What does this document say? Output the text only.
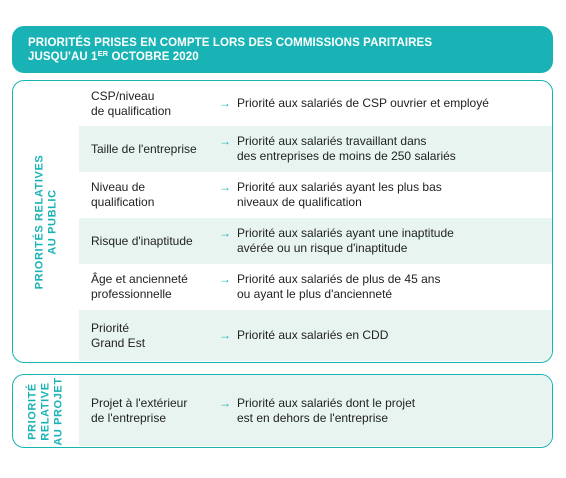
PRIORITÉS PRISES EN COMPTE LORS DES COMMISSIONS PARITAIRES
JUSQU'AU 1ER OCTOBRE 2020
PRIORITÉS RELATIVES AU PUBLIC
CSP/niveau
de qualification
→ Priorité aux salariés de CSP ouvrier et employé
Taille de l'entreprise
→ Priorité aux salariés travaillant dans
des entreprises de moins de 250 salariés
Niveau de
qualification
→ Priorité aux salariés ayant les plus bas
niveaux de qualification
Risque d'inaptitude
→ Priorité aux salariés ayant une inaptitude
avérée ou un risque d'inaptitude
Âge et ancienneté
professionnelle
→ Priorité aux salariés de plus de 45 ans
ou ayant le plus d'ancienneté
Priorité
Grand Est
→ Priorité aux salariés en CDD
PRIORITÉ RELATIVE AU PROJET Projet à l'extérieur
de l'entreprise
→ Priorité aux salariés dont le projet
est en dehors de l'entreprise
